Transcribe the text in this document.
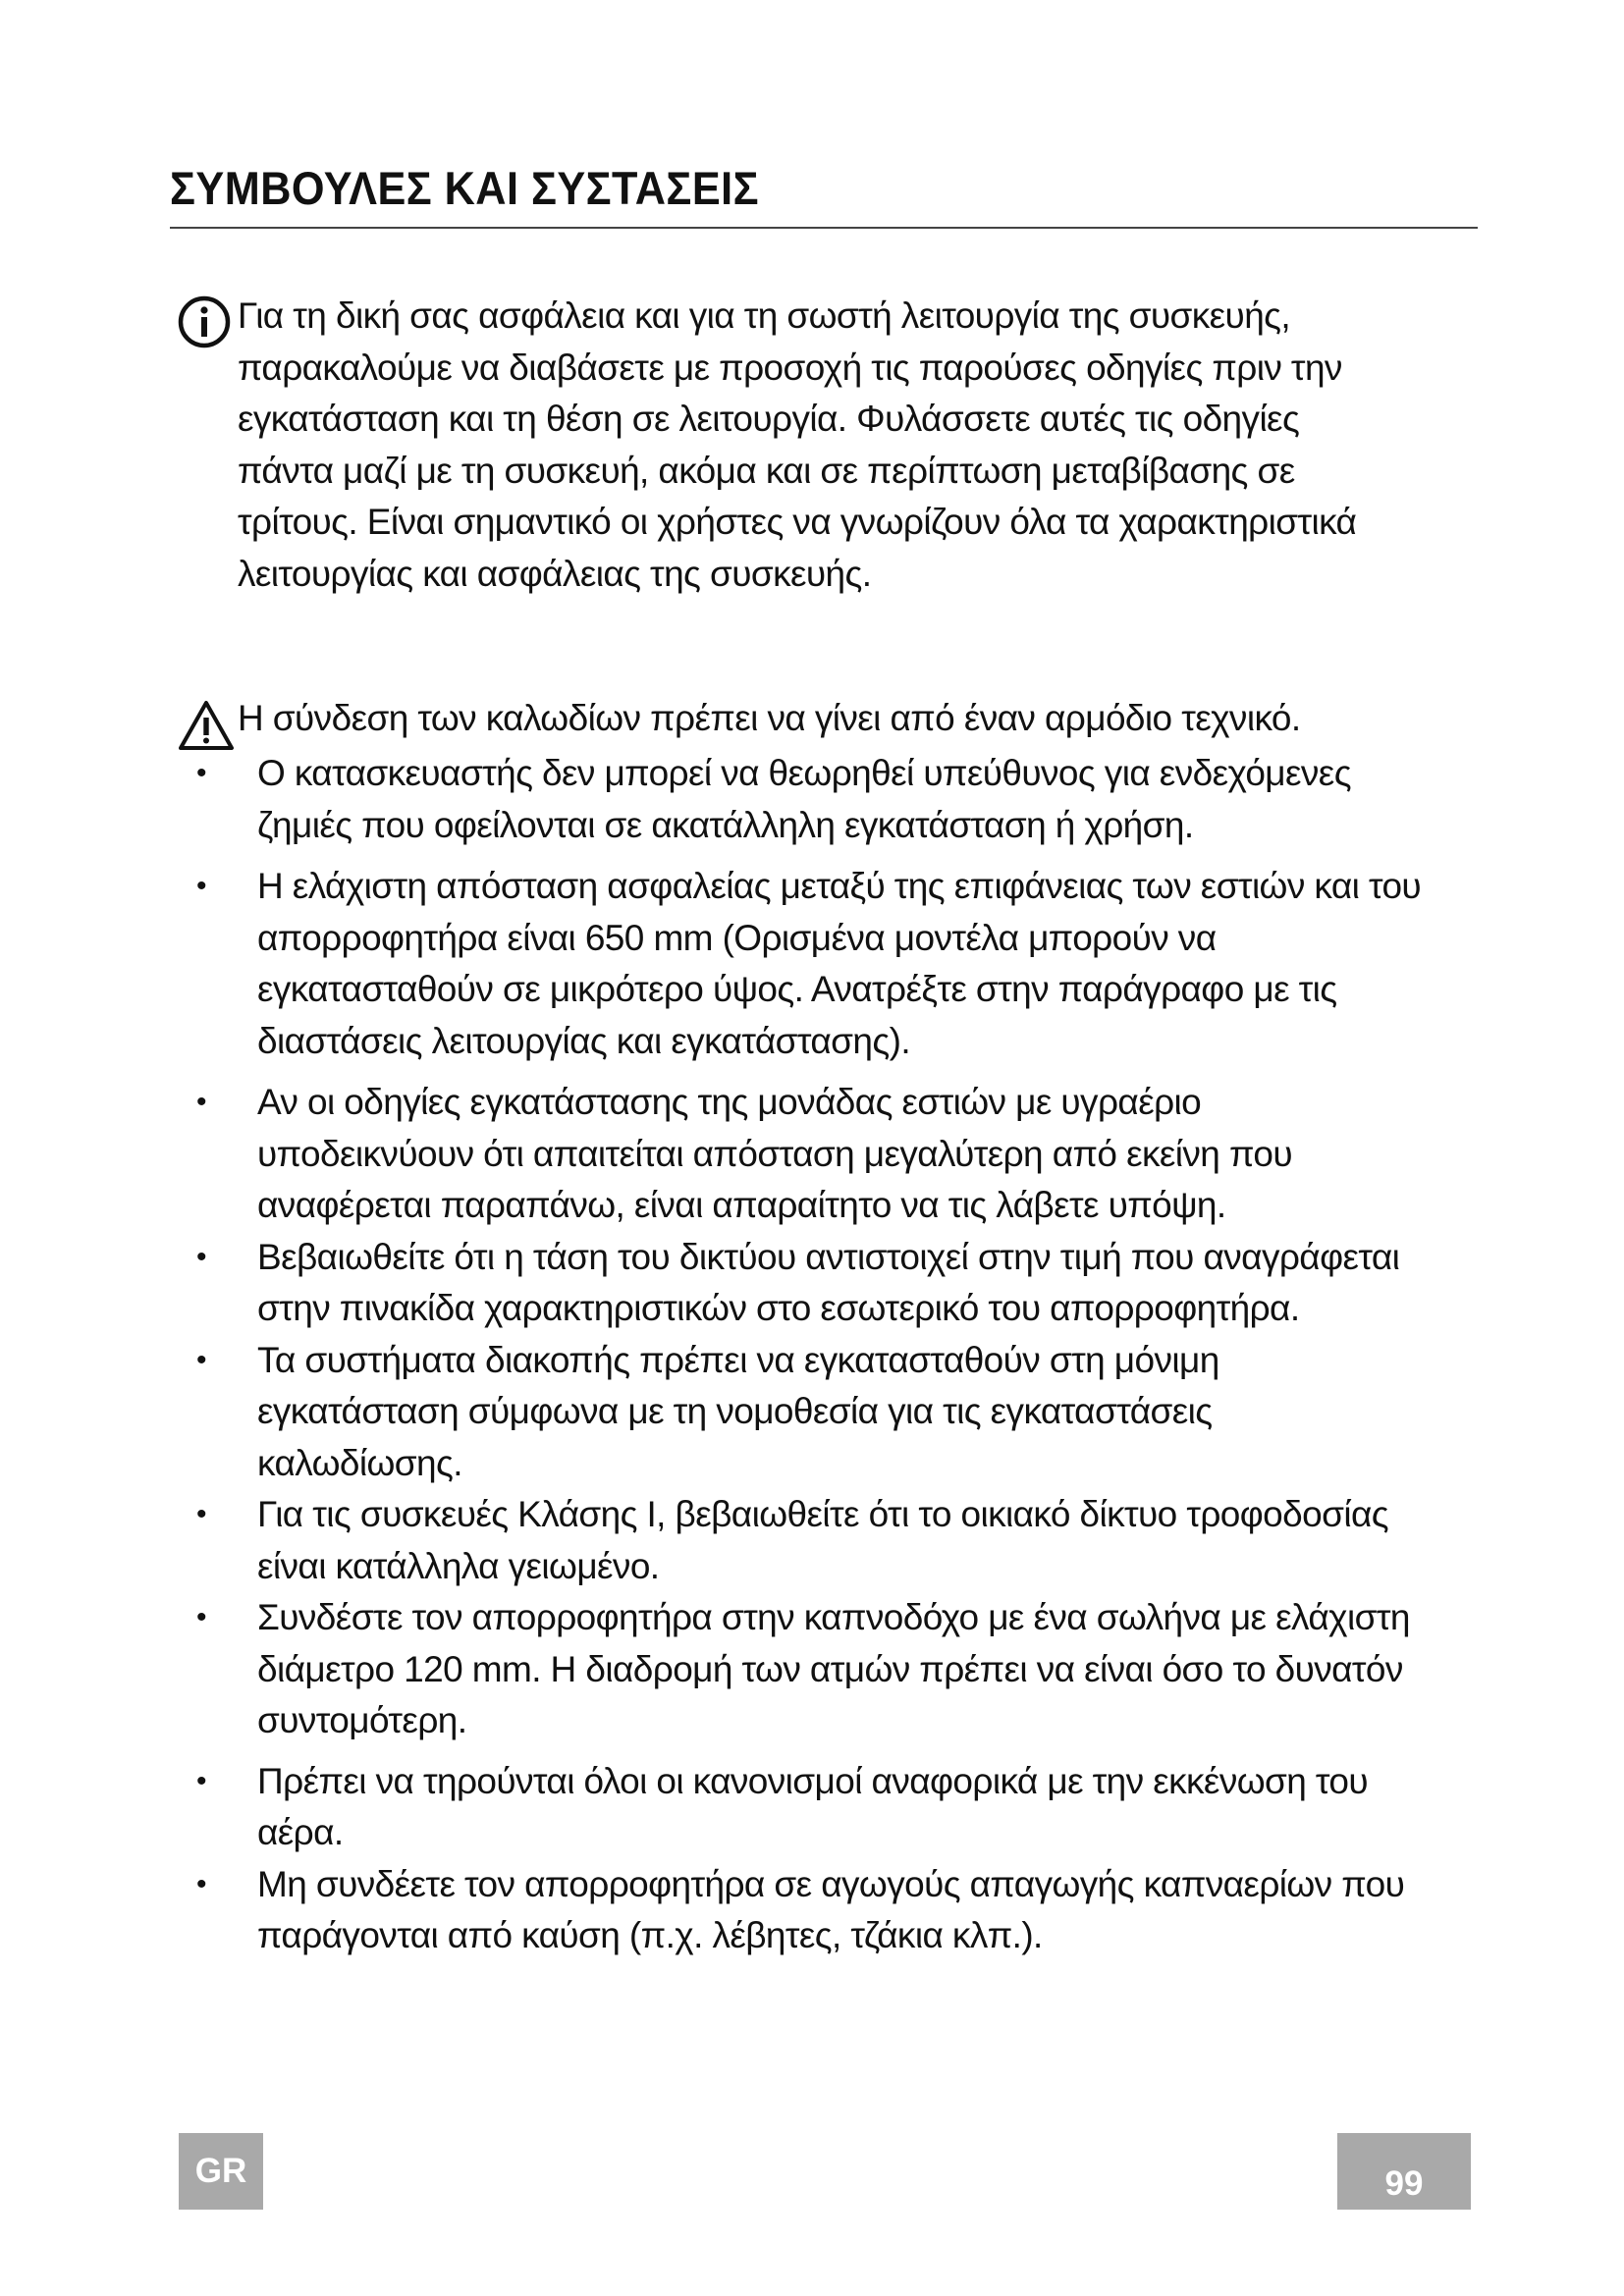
ΣΥΜΒΟΥΛΕΣ ΚΑΙ ΣΥΣΤΑΣΕΙΣ
Για τη δική σας ασφάλεια και για τη σωστή λειτουργία της συσκευής,
παρακαλούμε να διαβάσετε με προσοχή τις παρούσες οδηγίες πριν την
εγκατάσταση και τη θέση σε λειτουργία. Φυλάσσετε αυτές τις οδηγίες
πάντα μαζί με τη συσκευή, ακόμα και σε περίπτωση μεταβίβασης σε
τρίτους. Είναι σημαντικό οι χρήστες να γνωρίζουν όλα τα χαρακτηριστικά
λειτουργίας και ασφάλειας της συσκευής.
Η σύνδεση των καλωδίων πρέπει να γίνει από έναν αρμόδιο τεχνικό.
• Ο κατασκευαστής δεν μπορεί να θεωρηθεί υπεύθυνος για ενδεχόμενες
ζημιές που οφείλονται σε ακατάλληλη εγκατάσταση ή χρήση.
• Η ελάχιστη απόσταση ασφαλείας μεταξύ της επιφάνειας των εστιών και του
απορροφητήρα είναι 650 mm (Ορισμένα μοντέλα μπορούν να
εγκατασταθούν σε μικρότερο ύψος. Ανατρέξτε στην παράγραφο με τις
διαστάσεις λειτουργίας και εγκατάστασης).
• Αν οι οδηγίες εγκατάστασης της μονάδας εστιών με υγραέριο
υποδεικνύουν ότι απαιτείται απόσταση μεγαλύτερη από εκείνη που
αναφέρεται παραπάνω, είναι απαραίτητο να τις λάβετε υπόψη.
• Βεβαιωθείτε ότι η τάση του δικτύου αντιστοιχεί στην τιμή που αναγράφεται
στην πινακίδα χαρακτηριστικών στο εσωτερικό του απορροφητήρα.
• Τα συστήματα διακοπής πρέπει να εγκατασταθούν στη μόνιμη
εγκατάσταση σύμφωνα με τη νομοθεσία για τις εγκαταστάσεις
καλωδίωσης.
• Για τις συσκευές Κλάσης I, βεβαιωθείτε ότι το οικιακό δίκτυο τροφοδοσίας
είναι κατάλληλα γειωμένο.
• Συνδέστε τον απορροφητήρα στην καπνοδόχο με ένα σωλήνα με ελάχιστη
διάμετρο 120 mm. Η διαδρομή των ατμών πρέπει να είναι όσο το δυνατόν
συντομότερη.
• Πρέπει να τηρούνται όλοι οι κανονισμοί αναφορικά με την εκκένωση του
αέρα.
• Μη συνδέετε τον απορροφητήρα σε αγωγούς απαγωγής καπναερίων που
παράγονται από καύση (π.χ. λέβητες, τζάκια κλπ.).
GR	99
